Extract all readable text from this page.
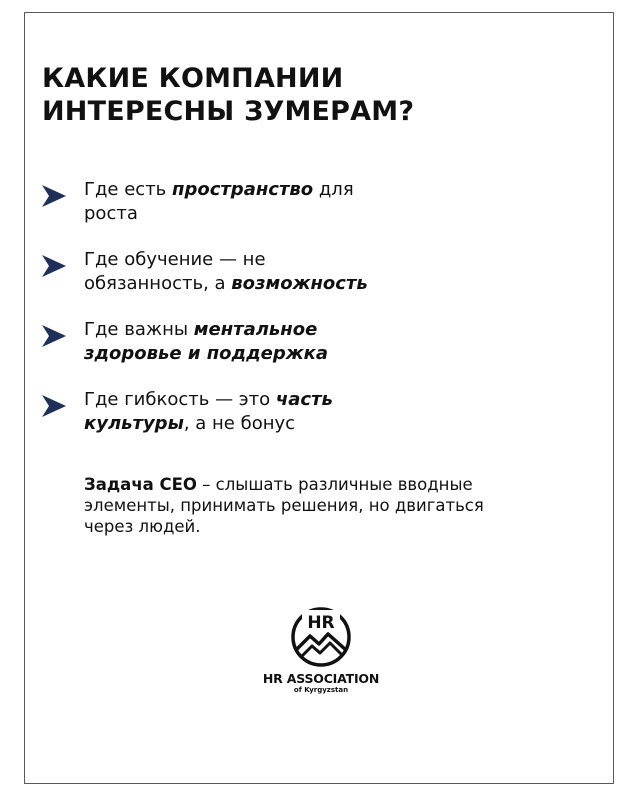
КАКИЕ КОМПАНИИ
ИНТЕРЕСНЫ ЗУМЕРАМ?
Где есть пространство для
роста
Где обучение — не
обязанность, а возможность
Где важны ментальное
здоровье и поддержка
Где гибкость — это часть
культуры, а не бонус

Задача CEO – слышать различные вводные
элементы, принимать решения, но двигаться
через людей.

HR
HR ASSOCIATION
of Kyrgyzstan
